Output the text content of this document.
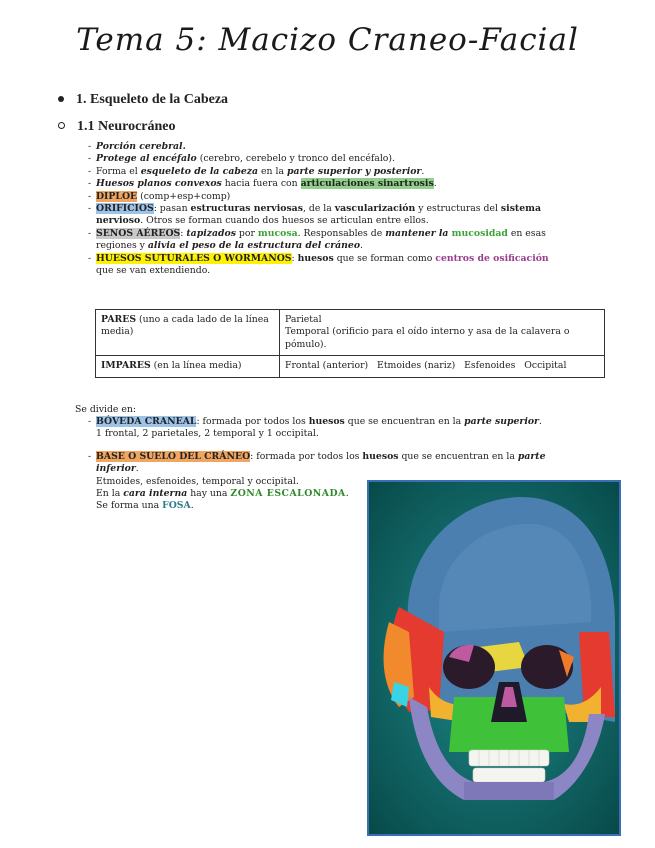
Tema 5: Macizo Craneo-Facial
1. Esqueleto de la Cabeza
1.1 Neurocráneo
- Porción cerebral.
- Protege al encéfalo (cerebro, cerebelo y tronco del encéfalo).
- Forma el esqueleto de la cabeza en la parte superior y posterior.
- Huesos planos convexos hacia fuera con articulaciones sinartrosis.
- DIPLOE (comp+esp+comp)
- ORIFICIOS: pasan estructuras nerviosas, de la vascularización y estructuras del sistema nervioso. Otros se forman cuando dos huesos se articulan entre ellos.
- SENOS AÉREOS: tapizados por mucosa. Responsables de mantener la mucosidad en esas regiones y alivia el peso de la estructura del cráneo.
- HUESOS SUTURALES O WORMANOS: huesos que se forman como centros de osificación que se van extendiendo.
PARES (uno a cada lado de la línea media)	Parietal
Temporal (orificio para el oído interno y asa de la calavera o pómulo).
IMPARES (en la línea media)	Frontal (anterior)   Etmoides (nariz)   Esfenoides   Occipital
Se divide en:
- BÓVEDA CRANEAL: formada por todos los huesos que se encuentran en la parte superior.
1 frontal, 2 parietales, 2 temporal y 1 occipital.
- BASE O SUELO DEL CRÁNEO: formada por todos los huesos que se encuentran en la parte inferior.

Etmoides, esfenoides, temporal y occipital.
En la cara interna hay una ZONA ESCALONADA.
Se forma una FOSA.
